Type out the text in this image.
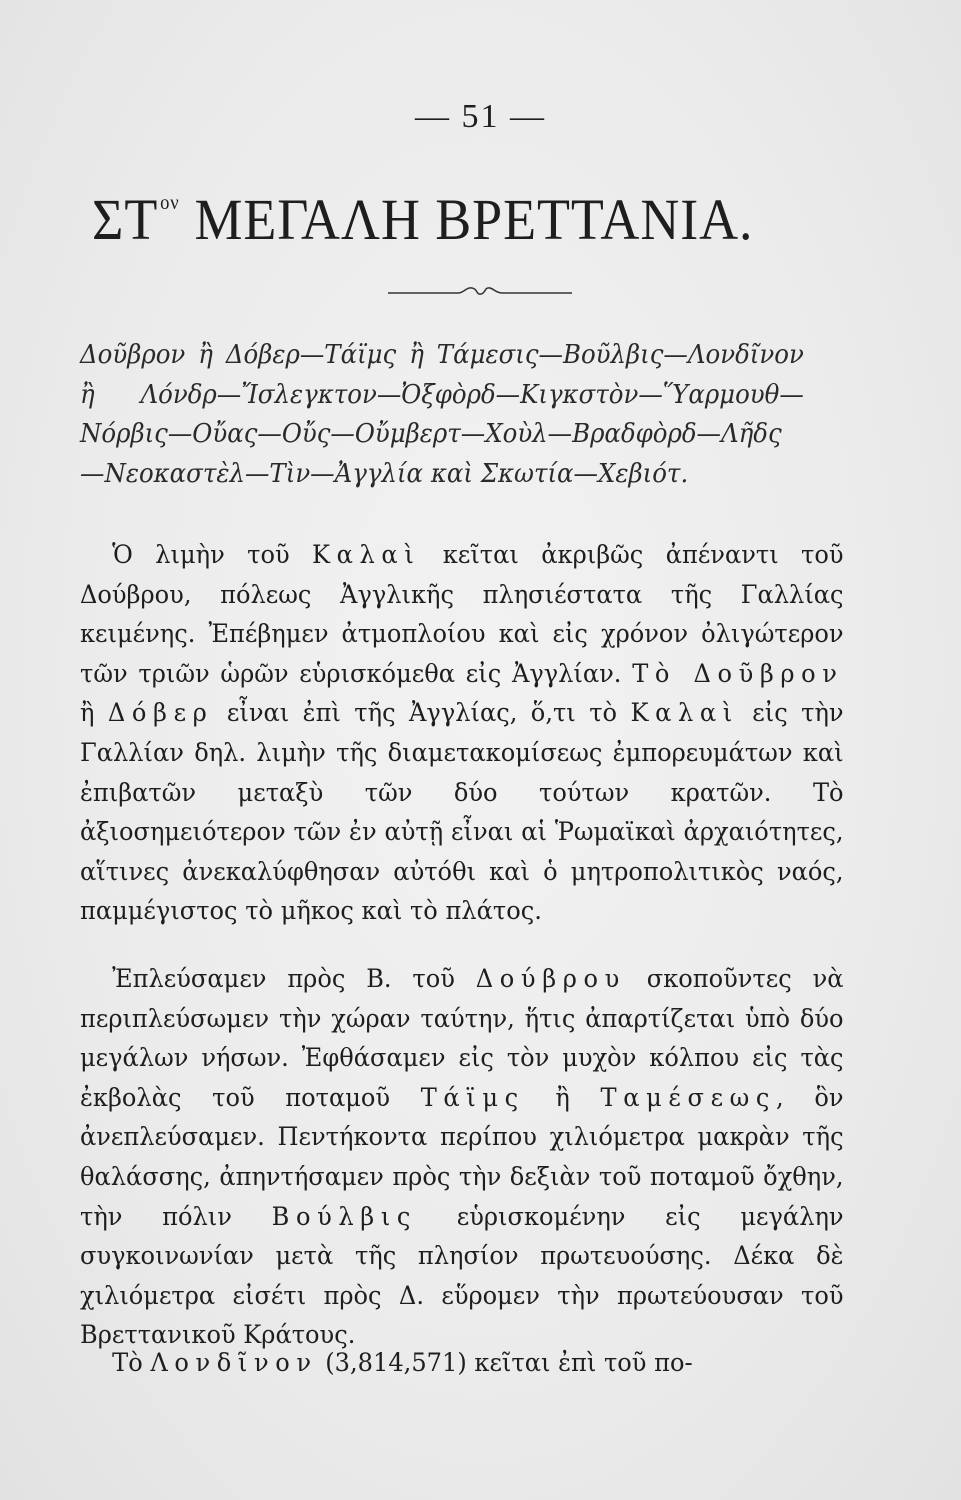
— 51 —
$\Sigma T^{o\nu}$ ΜΕΓΑΛΗ ΒΡΕΤΤΑΝΙΑ.
Δοῦβρον ἢ Δόβερ—Τάϊμς ἢ Τάμεσις—Βοῦλβις—Λονδῖνον ἢ Λόνδρ—Ἴσλεγκτον—Ὀξφὸρδ—Κιγκστὸν—Ὕαρμουθ—Νόρβις—Οὔας—Οὔς—Οὔμβερτ—Χοὺλ—Βραδφὸρδ—Λῆδς—Νεοκαστὲλ—Τὶν—Ἀγγλία καὶ Σκωτία—Χεβιότ.

Ὁ λιμὴν τοῦ Καλαὶ κεῖται ἀκριβῶς ἀπέναντι τοῦ Δούβρου, πόλεως Ἀγγλικῆς πλησιέστατα τῆς Γαλλίας κειμένης. Ἐπέβημεν ἀτμοπλοίου καὶ εἰς χρόνον ὀλιγώτερον τῶν τριῶν ὡρῶν εὑρισκόμεθα εἰς Ἀγγλίαν. Τὸ Δοῦβρον ἢ Δόβερ εἶναι ἐπὶ τῆς Ἀγγλίας, ὅ,τι τὸ Καλαὶ εἰς τὴν Γαλλίαν δηλ. λιμὴν τῆς διαμετακομίσεως ἐμπορευμάτων καὶ ἐπιβατῶν μεταξὺ τῶν δύο τούτων κρατῶν. Τὸ ἀξιοσημειότερον τῶν ἐν αὐτῇ εἶναι αἱ Ῥωμαϊκαὶ ἀρχαιότητες, αἵτινες ἀνεκαλύφθησαν αὐτόθι καὶ ὁ μητροπολιτικὸς ναός, παμμέγιστος τὸ μῆκος καὶ τὸ πλάτος.

Ἐπλεύσαμεν πρὸς Β. τοῦ Δούβρου σκοποῦντες νὰ περιπλεύσωμεν τὴν χώραν ταύτην, ἥτις ἀπαρτίζεται ὑπὸ δύο μεγάλων νήσων. Ἐφθάσαμεν εἰς τὸν μυχὸν κόλπου εἰς τὰς ἐκβολὰς τοῦ ποταμοῦ Τάϊμς ἢ Ταμέσεως, ὃν ἀνεπλεύσαμεν. Πεντήκοντα περίπου χιλιόμετρα μακρὰν τῆς θαλάσσης, ἀπηντήσαμεν πρὸς τὴν δεξιὰν τοῦ ποταμοῦ ὄχθην, τὴν πόλιν Βούλβις εὑρισκομένην εἰς μεγάλην συγκοινωνίαν μετὰ τῆς πλησίον πρωτευούσης. Δέκα δὲ χιλιόμετρα εἰσέτι πρὸς Δ. εὕρομεν τὴν πρωτεύουσαν τοῦ Βρεττανικοῦ Κράτους.

Τὸ Λονδῖνον (3,814,571) κεῖται ἐπὶ τοῦ πο-
